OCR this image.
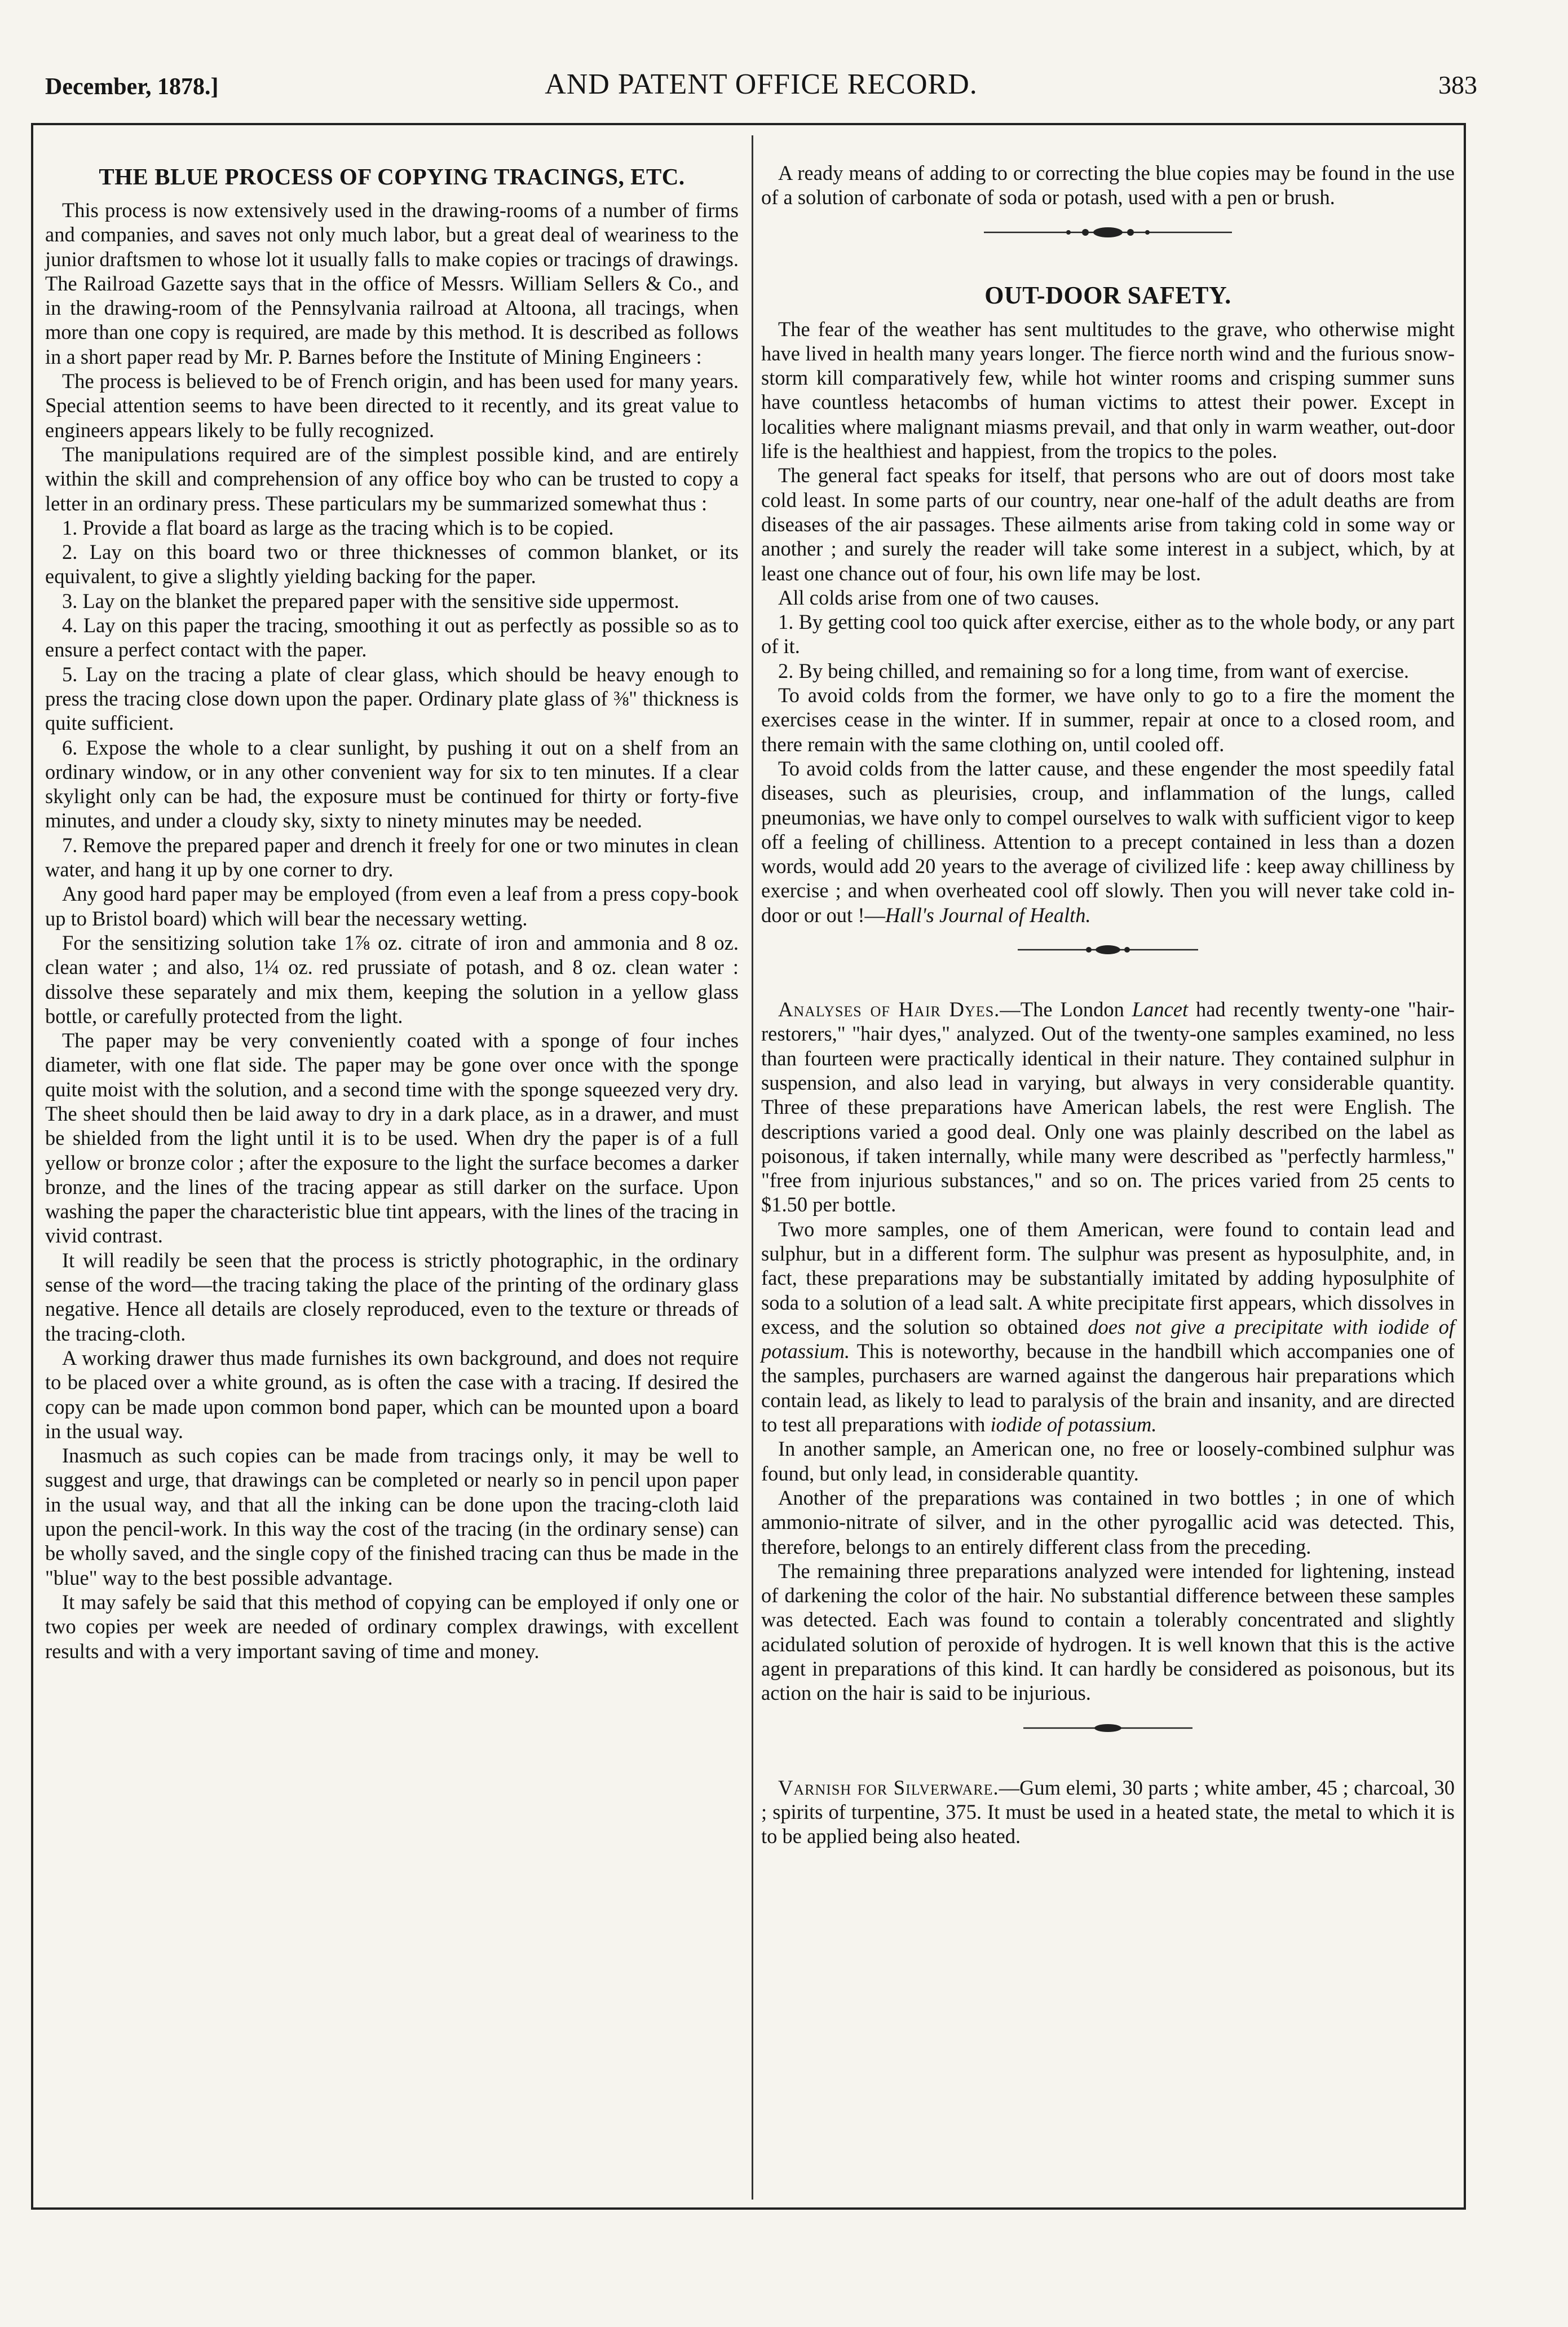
December, 1878.]	AND PATENT OFFICE RECORD.	383
THE BLUE PROCESS OF COPYING TRACINGS, ETC.

This process is now extensively used in the drawing-rooms of a number of firms and companies, and saves not only much labor, but a great deal of weariness to the junior draftsmen to whose lot it usually falls to make copies or tracings of drawings. The Railroad Gazette says that in the office of Messrs. William Sellers & Co., and in the drawing-room of the Pennsylvania railroad at Altoona, all tracings, when more than one copy is required, are made by this method. It is described as follows in a short paper read by Mr. P. Barnes before the Institute of Mining Engineers :

The process is believed to be of French origin, and has been used for many years. Special attention seems to have been directed to it recently, and its great value to engineers appears likely to be fully recognized.

The manipulations required are of the simplest possible kind, and are entirely within the skill and comprehension of any office boy who can be trusted to copy a letter in an ordinary press. These particulars my be summarized somewhat thus :

1. Provide a flat board as large as the tracing which is to be copied.

2. Lay on this board two or three thicknesses of common blanket, or its equivalent, to give a slightly yielding backing for the paper.

3. Lay on the blanket the prepared paper with the sensitive side uppermost.

4. Lay on this paper the tracing, smoothing it out as perfectly as possible so as to ensure a perfect contact with the paper.

5. Lay on the tracing a plate of clear glass, which should be heavy enough to press the tracing close down upon the paper. Ordinary plate glass of ⅜" thickness is quite sufficient.

6. Expose the whole to a clear sunlight, by pushing it out on a shelf from an ordinary window, or in any other convenient way for six to ten minutes. If a clear skylight only can be had, the exposure must be continued for thirty or forty-five minutes, and under a cloudy sky, sixty to ninety minutes may be needed.

7. Remove the prepared paper and drench it freely for one or two minutes in clean water, and hang it up by one corner to dry.

Any good hard paper may be employed (from even a leaf from a press copy-book up to Bristol board) which will bear the necessary wetting.

For the sensitizing solution take 1⅞ oz. citrate of iron and ammonia and 8 oz. clean water ; and also, 1¼ oz. red prussiate of potash, and 8 oz. clean water : dissolve these separately and mix them, keeping the solution in a yellow glass bottle, or carefully protected from the light.

The paper may be very conveniently coated with a sponge of four inches diameter, with one flat side. The paper may be gone over once with the sponge quite moist with the solution, and a second time with the sponge squeezed very dry. The sheet should then be laid away to dry in a dark place, as in a drawer, and must be shielded from the light until it is to be used. When dry the paper is of a full yellow or bronze color ; after the exposure to the light the surface becomes a darker bronze, and the lines of the tracing appear as still darker on the surface. Upon washing the paper the characteristic blue tint appears, with the lines of the tracing in vivid contrast.

It will readily be seen that the process is strictly photographic, in the ordinary sense of the word—the tracing taking the place of the printing of the ordinary glass negative. Hence all details are closely reproduced, even to the texture or threads of the tracing-cloth.

A working drawer thus made furnishes its own background, and does not require to be placed over a white ground, as is often the case with a tracing. If desired the copy can be made upon common bond paper, which can be mounted upon a board in the usual way.

Inasmuch as such copies can be made from tracings only, it may be well to suggest and urge, that drawings can be completed or nearly so in pencil upon paper in the usual way, and that all the inking can be done upon the tracing-cloth laid upon the pencil-work. In this way the cost of the tracing (in the ordinary sense) can be wholly saved, and the single copy of the finished tracing can thus be made in the "blue" way to the best possible advantage.

It may safely be said that this method of copying can be employed if only one or two copies per week are needed of ordinary complex drawings, with excellent results and with a very important saving of time and money.

A ready means of adding to or correcting the blue copies may be found in the use of a solution of carbonate of soda or potash, used with a pen or brush.

OUT-DOOR SAFETY.

The fear of the weather has sent multitudes to the grave, who otherwise might have lived in health many years longer. The fierce north wind and the furious snow-storm kill comparatively few, while hot winter rooms and crisping summer suns have countless hetacombs of human victims to attest their power. Except in localities where malignant miasms prevail, and that only in warm weather, out-door life is the healthiest and happiest, from the tropics to the poles.

The general fact speaks for itself, that persons who are out of doors most take cold least. In some parts of our country, near one-half of the adult deaths are from diseases of the air passages. These ailments arise from taking cold in some way or another ; and surely the reader will take some interest in a subject, which, by at least one chance out of four, his own life may be lost.

All colds arise from one of two causes.

1. By getting cool too quick after exercise, either as to the whole body, or any part of it.

2. By being chilled, and remaining so for a long time, from want of exercise.

To avoid colds from the former, we have only to go to a fire the moment the exercises cease in the winter. If in summer, repair at once to a closed room, and there remain with the same clothing on, until cooled off.

To avoid colds from the latter cause, and these engender the most speedily fatal diseases, such as pleurisies, croup, and inflammation of the lungs, called pneumonias, we have only to compel ourselves to walk with sufficient vigor to keep off a feeling of chilliness. Attention to a precept contained in less than a dozen words, would add 20 years to the average of civilized life : keep away chilliness by exercise ; and when overheated cool off slowly. Then you will never take cold in-door or out !—Hall's Journal of Health.

Analyses of Hair Dyes.—The London Lancet had recently twenty-one "hair-restorers," "hair dyes," analyzed. Out of the twenty-one samples examined, no less than fourteen were practically identical in their nature. They contained sulphur in suspension, and also lead in varying, but always in very considerable quantity. Three of these preparations have American labels, the rest were English. The descriptions varied a good deal. Only one was plainly described on the label as poisonous, if taken internally, while many were described as "perfectly harmless," "free from injurious substances," and so on. The prices varied from 25 cents to $1.50 per bottle.

Two more samples, one of them American, were found to contain lead and sulphur, but in a different form. The sulphur was present as hyposulphite, and, in fact, these preparations may be substantially imitated by adding hyposulphite of soda to a solution of a lead salt. A white precipitate first appears, which dissolves in excess, and the solution so obtained does not give a precipitate with iodide of potassium. This is noteworthy, because in the handbill which accompanies one of the samples, purchasers are warned against the dangerous hair preparations which contain lead, as likely to lead to paralysis of the brain and insanity, and are directed to test all preparations with iodide of potassium.

In another sample, an American one, no free or loosely-combined sulphur was found, but only lead, in considerable quantity.

Another of the preparations was contained in two bottles ; in one of which ammonio-nitrate of silver, and in the other pyrogallic acid was detected. This, therefore, belongs to an entirely different class from the preceding.

The remaining three preparations analyzed were intended for lightening, instead of darkening the color of the hair. No substantial difference between these samples was detected. Each was found to contain a tolerably concentrated and slightly acidulated solution of peroxide of hydrogen. It is well known that this is the active agent in preparations of this kind. It can hardly be considered as poisonous, but its action on the hair is said to be injurious.

Varnish for Silverware.—Gum elemi, 30 parts ; white amber, 45 ; charcoal, 30 ; spirits of turpentine, 375. It must be used in a heated state, the metal to which it is to be applied being also heated.
